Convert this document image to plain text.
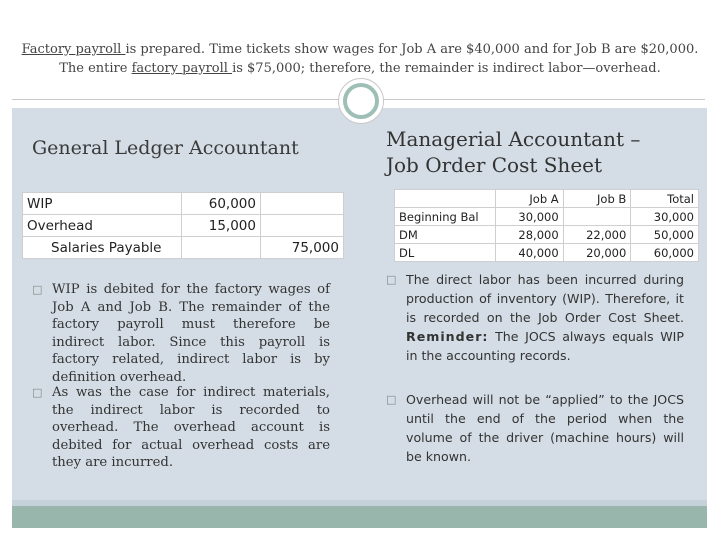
Factory payroll is prepared. Time tickets show wages for Job A are $40,000 and for Job B are $20,000.
The entire factory payroll is $75,000; therefore, the remainder is indirect labor—overhead.
General Ledger Accountant	Managerial Accountant –
Job Order Cost Sheet
WIP	60,000	
Overhead	15,000	
Salaries Payable		75,000
	Job A	Job B	Total
Beginning Bal	30,000		30,000
DM	28,000	22,000	50,000
DL	40,000	20,000	60,000
□ WIP is debited for the factory wages of Job A and Job B. The remainder of the factory payroll must therefore be indirect labor. Since this payroll is factory related, indirect labor is by definition overhead.
□ As was the case for indirect materials, the indirect labor is recorded to overhead. The overhead account is debited for actual overhead costs are they are incurred.
□ The direct labor has been incurred during production of inventory (WIP). Therefore, it is recorded on the Job Order Cost Sheet. Reminder: The JOCS always equals WIP in the accounting records.
□ Overhead will not be “applied” to the JOCS until the end of the period when the volume of the driver (machine hours) will be known.
